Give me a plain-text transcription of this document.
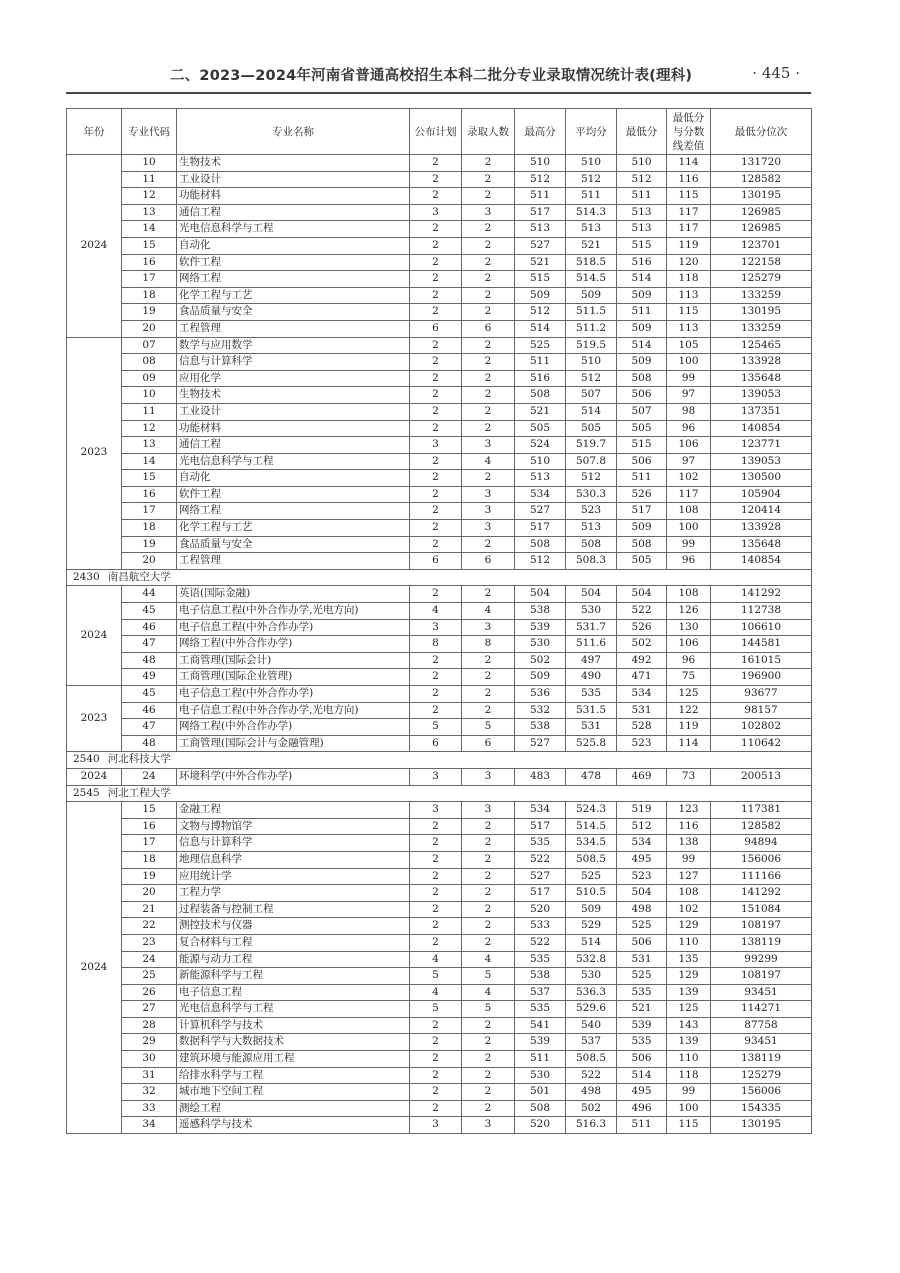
二、2023—2024年河南省普通高校招生本科二批分专业录取情况统计表(理科)	· 445 ·
年份	专业代码	专业名称	公布计划	录取人数	最高分	平均分	最低分	最低分与分数线差值	最低分位次
2024	10	生物技术	2	2	510	510	510	114	131720
	11	工业设计	2	2	512	512	512	116	128582
	12	功能材料	2	2	511	511	511	115	130195
	13	通信工程	3	3	517	514.3	513	117	126985
	14	光电信息科学与工程	2	2	513	513	513	117	126985
	15	自动化	2	2	527	521	515	119	123701
	16	软件工程	2	2	521	518.5	516	120	122158
	17	网络工程	2	2	515	514.5	514	118	125279
	18	化学工程与工艺	2	2	509	509	509	113	133259
	19	食品质量与安全	2	2	512	511.5	511	115	130195
	20	工程管理	6	6	514	511.2	509	113	133259
2023	07	数学与应用数学	2	2	525	519.5	514	105	125465
	08	信息与计算科学	2	2	511	510	509	100	133928
	09	应用化学	2	2	516	512	508	99	135648
	10	生物技术	2	2	508	507	506	97	139053
	11	工业设计	2	2	521	514	507	98	137351
	12	功能材料	2	2	505	505	505	96	140854
	13	通信工程	3	3	524	519.7	515	106	123771
	14	光电信息科学与工程	2	4	510	507.8	506	97	139053
	15	自动化	2	2	513	512	511	102	130500
	16	软件工程	2	3	534	530.3	526	117	105904
	17	网络工程	2	3	527	523	517	108	120414
	18	化学工程与工艺	2	3	517	513	509	100	133928
	19	食品质量与安全	2	2	508	508	508	99	135648
	20	工程管理	6	6	512	508.3	505	96	140854
2430 南昌航空大学									
2024	44	英语(国际金融)	2	2	504	504	504	108	141292
	45	电子信息工程(中外合作办学,光电方向)	4	4	538	530	522	126	112738
	46	电子信息工程(中外合作办学)	3	3	539	531.7	526	130	106610
	47	网络工程(中外合作办学)	8	8	530	511.6	502	106	144581
	48	工商管理(国际会计)	2	2	502	497	492	96	161015
	49	工商管理(国际企业管理)	2	2	509	490	471	75	196900
2023	45	电子信息工程(中外合作办学)	2	2	536	535	534	125	93677
	46	电子信息工程(中外合作办学,光电方向)	2	2	532	531.5	531	122	98157
	47	网络工程(中外合作办学)	5	5	538	531	528	119	102802
	48	工商管理(国际会计与金融管理)	6	6	527	525.8	523	114	110642
2540 河北科技大学									
2024	24	环境科学(中外合作办学)	3	3	483	478	469	73	200513
2545 河北工程大学									
2024	15	金融工程	3	3	534	524.3	519	123	117381
	16	文物与博物馆学	2	2	517	514.5	512	116	128582
	17	信息与计算科学	2	2	535	534.5	534	138	94894
	18	地理信息科学	2	2	522	508.5	495	99	156006
	19	应用统计学	2	2	527	525	523	127	111166
	20	工程力学	2	2	517	510.5	504	108	141292
	21	过程装备与控制工程	2	2	520	509	498	102	151084
	22	测控技术与仪器	2	2	533	529	525	129	108197
	23	复合材料与工程	2	2	522	514	506	110	138119
	24	能源与动力工程	4	4	535	532.8	531	135	99299
	25	新能源科学与工程	5	5	538	530	525	129	108197
	26	电子信息工程	4	4	537	536.3	535	139	93451
	27	光电信息科学与工程	5	5	535	529.6	521	125	114271
	28	计算机科学与技术	2	2	541	540	539	143	87758
	29	数据科学与大数据技术	2	2	539	537	535	139	93451
	30	建筑环境与能源应用工程	2	2	511	508.5	506	110	138119
	31	给排水科学与工程	2	2	530	522	514	118	125279
	32	城市地下空间工程	2	2	501	498	495	99	156006
	33	测绘工程	2	2	508	502	496	100	154335
	34	遥感科学与技术	3	3	520	516.3	511	115	130195
